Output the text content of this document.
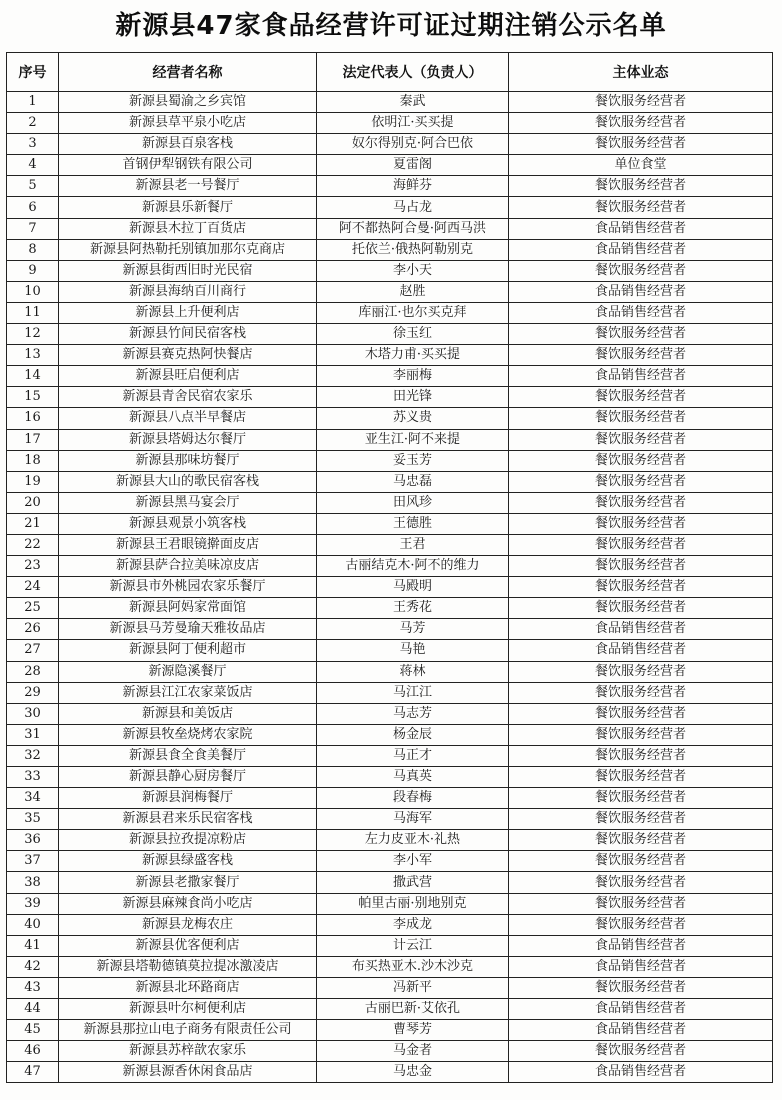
新源县47家食品经营许可证过期注销公示名单
序号	经营者名称	法定代表人（负责人）	主体业态
1	新源县蜀渝之乡宾馆	秦武	餐饮服务经营者
2	新源县草平泉小吃店	依明江·买买提	餐饮服务经营者
3	新源县百泉客栈	奴尔得别克·阿合巴依	餐饮服务经营者
4	首钢伊犁钢铁有限公司	夏雷阁	单位食堂
5	新源县老一号餐厅	海鲜芬	餐饮服务经营者
6	新源县乐新餐厅	马占龙	餐饮服务经营者
7	新源县木拉丁百货店	阿不都热阿合曼·阿西马洪	食品销售经营者
8	新源县阿热勒托别镇加那尔克商店	托依兰·俄热阿勒别克	食品销售经营者
9	新源县街西旧时光民宿	李小天	餐饮服务经营者
10	新源县海纳百川商行	赵胜	食品销售经营者
11	新源县上升便利店	库丽江·也尔买克拜	食品销售经营者
12	新源县竹间民宿客栈	徐玉红	餐饮服务经营者
13	新源县赛克热阿快餐店	木塔力甫·买买提	餐饮服务经营者
14	新源县旺启便利店	李丽梅	食品销售经营者
15	新源县青舍民宿农家乐	田光锋	餐饮服务经营者
16	新源县八点半早餐店	苏义贵	餐饮服务经营者
17	新源县塔姆达尔餐厅	亚生江·阿不来提	餐饮服务经营者
18	新源县那味坊餐厅	妥玉芳	餐饮服务经营者
19	新源县大山的歌民宿客栈	马忠磊	餐饮服务经营者
20	新源县黑马宴会厅	田风珍	餐饮服务经营者
21	新源县观景小筑客栈	王德胜	餐饮服务经营者
22	新源县王君眼镜擀面皮店	王君	餐饮服务经营者
23	新源县萨合拉美味凉皮店	古丽结克木·阿不的维力	餐饮服务经营者
24	新源县市外桃园农家乐餐厅	马殿明	餐饮服务经营者
25	新源县阿妈家常面馆	王秀花	餐饮服务经营者
26	新源县马芳曼瑜天雅妆品店	马芳	食品销售经营者
27	新源县阿丁便利超市	马艳	食品销售经营者
28	新源隐溪餐厅	蒋林	餐饮服务经营者
29	新源县江江农家菜饭店	马江江	餐饮服务经营者
30	新源县和美饭店	马志芳	餐饮服务经营者
31	新源县牧垒烧烤农家院	杨金辰	餐饮服务经营者
32	新源县食全食美餐厅	马正才	餐饮服务经营者
33	新源县静心厨房餐厅	马真英	餐饮服务经营者
34	新源县润梅餐厅	段春梅	餐饮服务经营者
35	新源县君来乐民宿客栈	马海军	餐饮服务经营者
36	新源县拉孜提凉粉店	左力皮亚木·礼热	餐饮服务经营者
37	新源县绿盛客栈	李小军	餐饮服务经营者
38	新源县老撒家餐厅	撒武营	餐饮服务经营者
39	新源县麻辣食尚小吃店	帕里古丽·别地别克	餐饮服务经营者
40	新源县龙梅农庄	李成龙	餐饮服务经营者
41	新源县优客便利店	计云江	食品销售经营者
42	新源县塔勒德镇莫拉提冰激凌店	布买热亚木.沙木沙克	食品销售经营者
43	新源县北环路商店	冯新平	餐饮服务经营者
44	新源县叶尔柯便利店	古丽巴新·艾依孔	食品销售经营者
45	新源县那拉山电子商务有限责任公司	曹琴芳	食品销售经营者
46	新源县苏梓歆农家乐	马金者	餐饮服务经营者
47	新源县源香休闲食品店	马忠金	食品销售经营者
